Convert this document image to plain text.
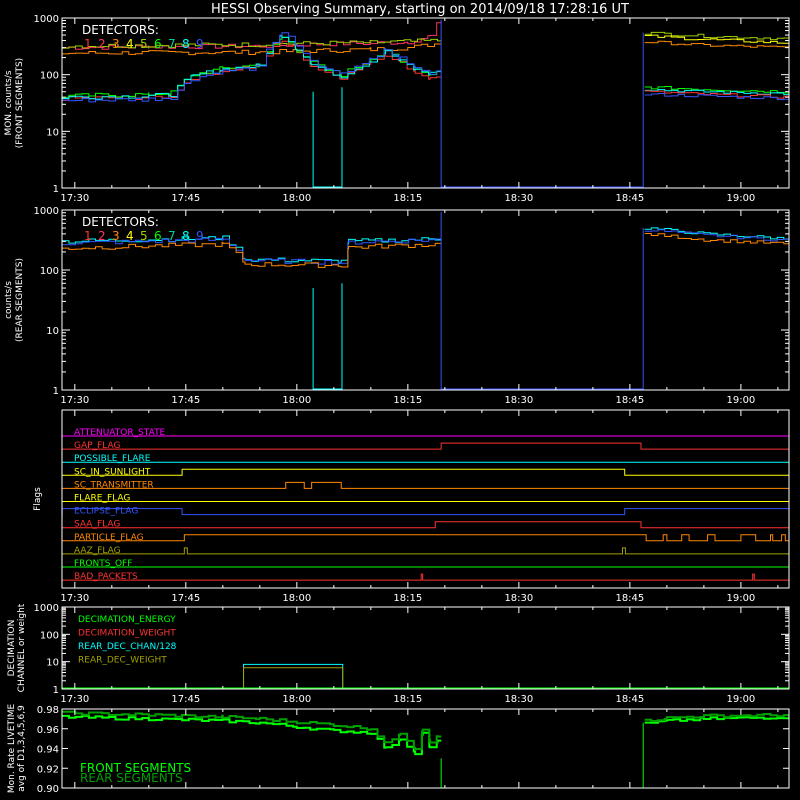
HESSI Observing Summary, starting on 2014/09/18 17:28:16 UT
17:30	17:45	18:00	18:15	18:30	18:45	19:00
1
10
100
1000
DETECTORS:
1 2 3 4 5 6 7 8 9
MON. counts/s (FRONT SEGMENTS)
17:30	17:45	18:00	18:15	18:30	18:45	19:00
1
10
100
1000
DETECTORS:
1 2 3 4 5 6 7 8 9
counts/s (REAR SEGMENTS)
ATTENUATOR_STATE
GAP_FLAG
POSSIBLE_FLARE
SC_IN_SUNLIGHT
SC_TRANSMITTER
FLARE_FLAG
ECLIPSE_FLAG
SAA_FLAG
PARTICLE_FLAG
AAZ_FLAG
FRONTS_OFF
BAD_PACKETS
17:30	17:45	18:00	18:15	18:30	18:45	19:00
Flags
17:30	17:45	18:00	18:15	18:30	18:45	19:00
1
10
100
1000
DECIMATION_ENERGY
DECIMATION_WEIGHT
REAR_DEC_CHAN/128
REAR_DEC_WEIGHT
DECIMATION CHANNEL or weight
0.90
0.92
0.94
0.96
0.98
FRONT SEGMENTS
REAR SEGMENTS
Mon. Rate LIVETIME avg of D1,3,4,5,6,9
